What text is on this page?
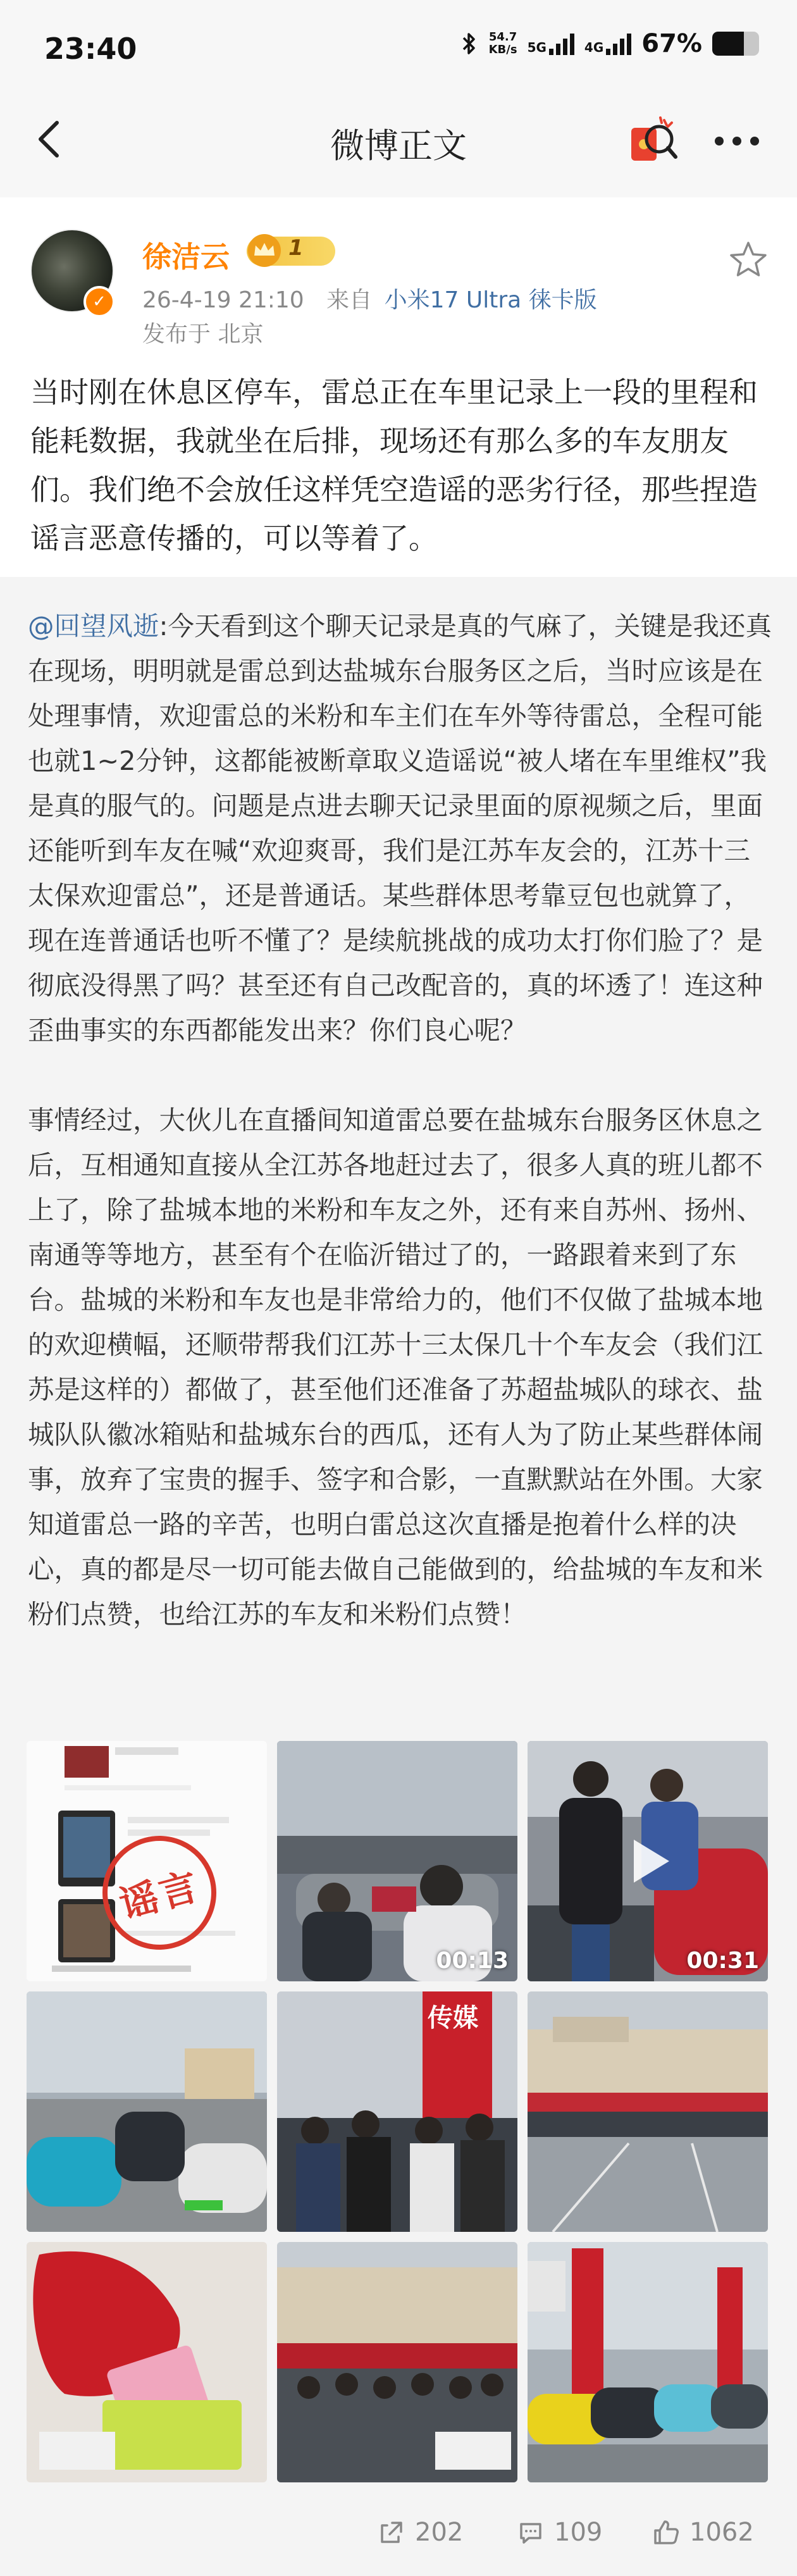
23:40	54.7
KB/s 5G	4G 67%
微博正文
✓
徐洁云	1
26-4-19 21:10 来自 小米17 Ultra 徕卡版
发布于 北京
当时刚在休息区停车，雷总正在车里记录上一段的里程和能耗数据，我就坐在后排，现场还有那么多的车友朋友们。我们绝不会放任这样凭空造谣的恶劣行径，那些捏造谣言恶意传播的，可以等着了。
@回望风逝:今天看到这个聊天记录是真的气麻了，关键是我还真在现场，明明就是雷总到达盐城东台服务区之后，当时应该是在处理事情，欢迎雷总的米粉和车主们在车外等待雷总，全程可能也就1~2分钟，这都能被断章取义造谣说“被人堵在车里维权”我是真的服气的。问题是点进去聊天记录里面的原视频之后，里面还能听到车友在喊“欢迎爽哥，我们是江苏车友会的，江苏十三太保欢迎雷总”，还是普通话。某些群体思考靠豆包也就算了，现在连普通话也听不懂了？是续航挑战的成功太打你们脸了？是彻底没得黑了吗？甚至还有自己改配音的，真的坏透了！连这种歪曲事实的东西都能发出来？你们良心呢？

事情经过，大伙儿在直播间知道雷总要在盐城东台服务区休息之后，互相通知直接从全江苏各地赶过去了，很多人真的班儿都不上了，除了盐城本地的米粉和车友之外，还有来自苏州、扬州、南通等等地方，甚至有个在临沂错过了的，一路跟着来到了东台。盐城的米粉和车友也是非常给力的，他们不仅做了盐城本地的欢迎横幅，还顺带帮我们江苏十三太保几十个车友会（我们江苏是这样的）都做了，甚至他们还准备了苏超盐城队的球衣、盐城队队徽冰箱贴和盐城东台的西瓜，还有人为了防止某些群体闹事，放弃了宝贵的握手、签字和合影，一直默默站在外围。大家知道雷总一路的辛苦，也明白雷总这次直播是抱着什么样的决心，真的都是尽一切可能去做自己能做到的，给盐城的车友和米粉们点赞，也给江苏的车友和米粉们点赞！
谣言
00:13	00:31
传媒
202	109	1062
